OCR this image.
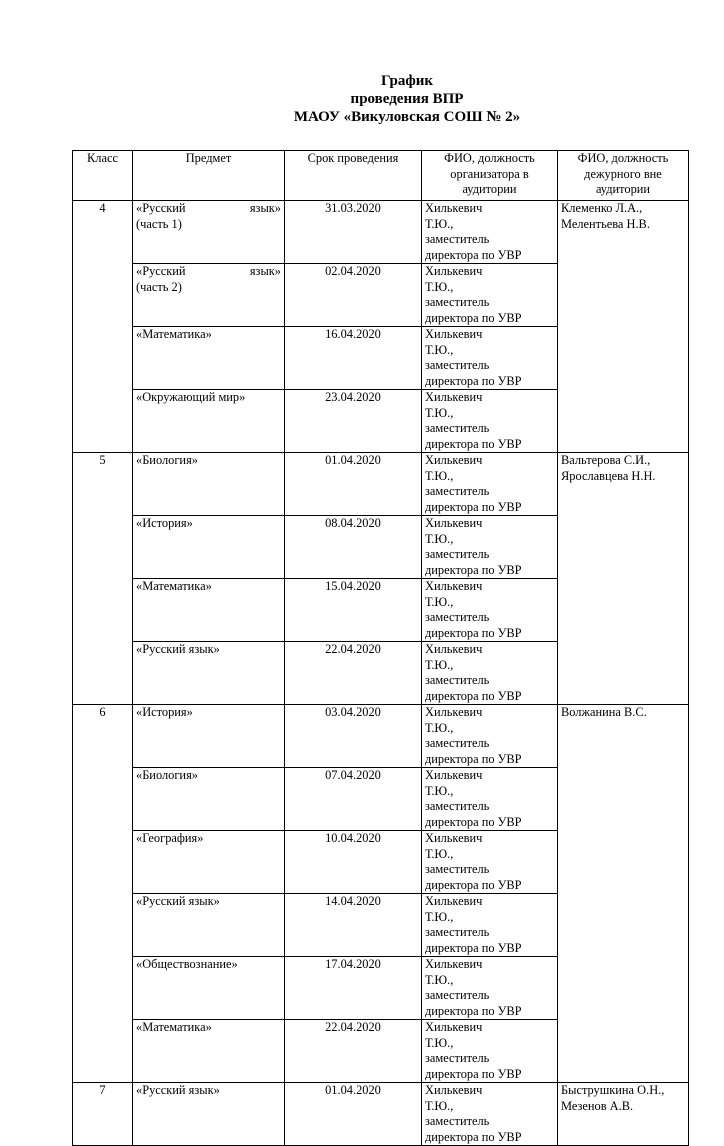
График
проведения ВПР
МАОУ «Викуловская СОШ № 2»
Класс	Предмет	Срок проведения	ФИО, должность организатора в аудитории	ФИО, должность дежурного вне аудитории
4	«Русский язык»
(часть 1)	31.03.2020	Хилькевич
Т.Ю.,
заместитель
директора по УВР	Клеменко Л.А.,
Мелентьева Н.В.

	«Русский язык»
(часть 2)	02.04.2020	Хилькевич
Т.Ю.,
заместитель
директора по УВР	

	«Математика»	16.04.2020	Хилькевич
Т.Ю.,
заместитель
директора по УВР	

	«Окружающий мир»	23.04.2020	Хилькевич
Т.Ю.,
заместитель
директора по УВР	

5	«Биология»	01.04.2020	Хилькевич
Т.Ю.,
заместитель
директора по УВР	Вальтерова С.И.,
Ярославцева Н.Н.

	«История»	08.04.2020	Хилькевич
Т.Ю.,
заместитель
директора по УВР	

	«Математика»	15.04.2020	Хилькевич
Т.Ю.,
заместитель
директора по УВР	

	«Русский язык»	22.04.2020	Хилькевич
Т.Ю.,
заместитель
директора по УВР	

6	«История»	03.04.2020	Хилькевич
Т.Ю.,
заместитель
директора по УВР	Волжанина В.С.

	«Биология»	07.04.2020	Хилькевич
Т.Ю.,
заместитель
директора по УВР	

	«География»	10.04.2020	Хилькевич
Т.Ю.,
заместитель
директора по УВР	

	«Русский язык»	14.04.2020	Хилькевич
Т.Ю.,
заместитель
директора по УВР	

	«Обществознание»	17.04.2020	Хилькевич
Т.Ю.,
заместитель
директора по УВР	

	«Математика»	22.04.2020	Хилькевич
Т.Ю.,
заместитель
директора по УВР	

7	«Русский язык»	01.04.2020	Хилькевич
Т.Ю.,
заместитель
директора по УВР	Быструшкина О.Н.,
Мезенов А.В.
